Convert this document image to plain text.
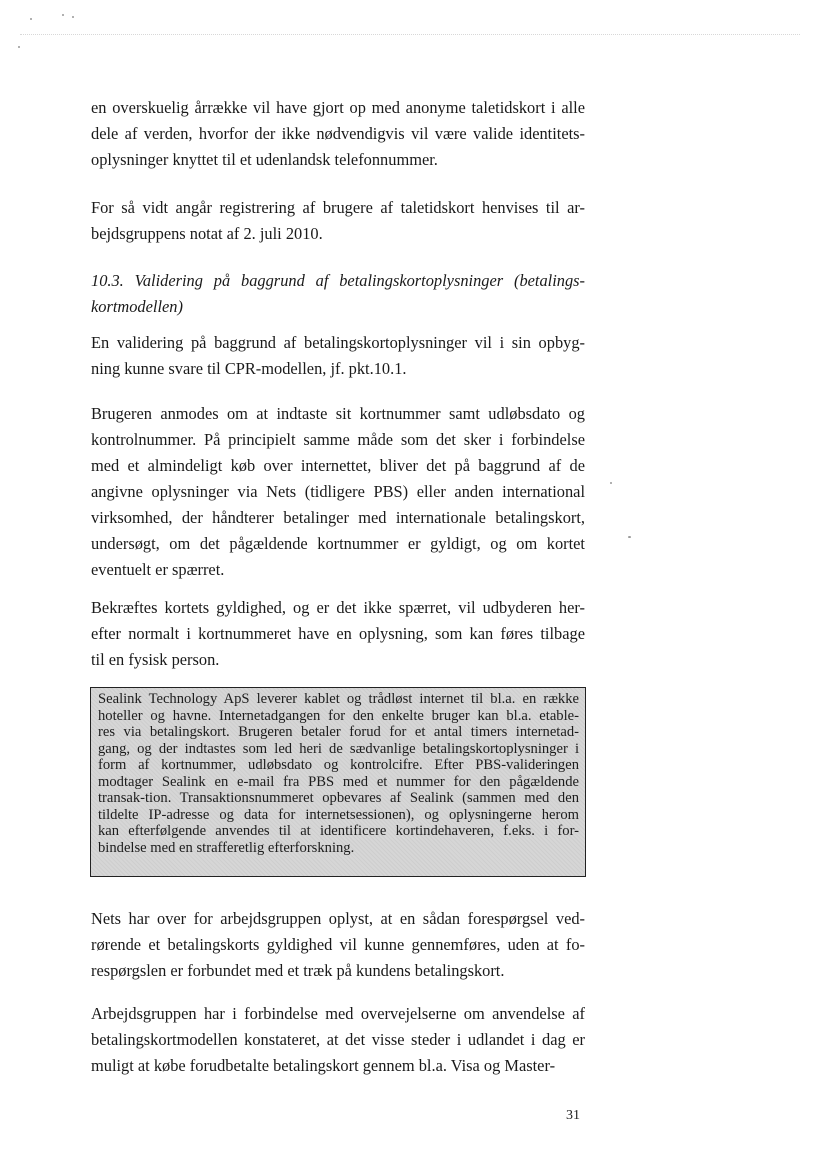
en overskuelig årrække vil have gjort op med anonyme taletidskort i alle
dele af verden, hvorfor der ikke nødvendigvis vil være valide identitets-
oplysninger knyttet til et udenlandsk telefonnummer.

For så vidt angår registrering af brugere af taletidskort henvises til ar-
bejdsgruppens notat af 2. juli 2010.

10.3. Validering på baggrund af betalingskortoplysninger (betalings-
kortmodellen)

En validering på baggrund af betalingskortoplysninger vil i sin opbyg-
ning kunne svare til CPR-modellen, jf. pkt.10.1.

Brugeren anmodes om at indtaste sit kortnummer samt udløbsdato og
kontrolnummer. På principielt samme måde som det sker i forbindelse
med et almindeligt køb over internettet, bliver det på baggrund af de
angivne oplysninger via Nets (tidligere PBS) eller anden international
virksomhed, der håndterer betalinger med internationale betalingskort,
undersøgt, om det pågældende kortnummer er gyldigt, og om kortet
eventuelt er spærret.

Bekræftes kortets gyldighed, og er det ikke spærret, vil udbyderen her-
efter normalt i kortnummeret have en oplysning, som kan føres tilbage
til en fysisk person.

Sealink Technology ApS leverer kablet og trådløst internet til bl.a. en række
hoteller og havne. Internetadgangen for den enkelte bruger kan bl.a. etable-
res via betalingskort. Brugeren betaler forud for et antal timers internetad-
gang, og der indtastes som led heri de sædvanlige betalingskortoplysninger i
form af kortnummer, udløbsdato og kontrolcifre. Efter PBS-valideringen
modtager Sealink en e-mail fra PBS med et nummer for den pågældende
transak-tion. Transaktionsnummeret opbevares af Sealink (sammen med den
tildelte IP-adresse og data for internetsessionen), og oplysningerne herom
kan efterfølgende anvendes til at identificere kortindehaveren, f.eks. i for-
bindelse med en strafferetlig efterforskning.

Nets har over for arbejdsgruppen oplyst, at en sådan forespørgsel ved-
rørende et betalingskorts gyldighed vil kunne gennemføres, uden at fo-
respørgslen er forbundet med et træk på kundens betalingskort.

Arbejdsgruppen har i forbindelse med overvejelserne om anvendelse af
betalingskortmodellen konstateret, at det visse steder i udlandet i dag er
muligt at købe forudbetalte betalingskort gennem bl.a. Visa og Master-

31
